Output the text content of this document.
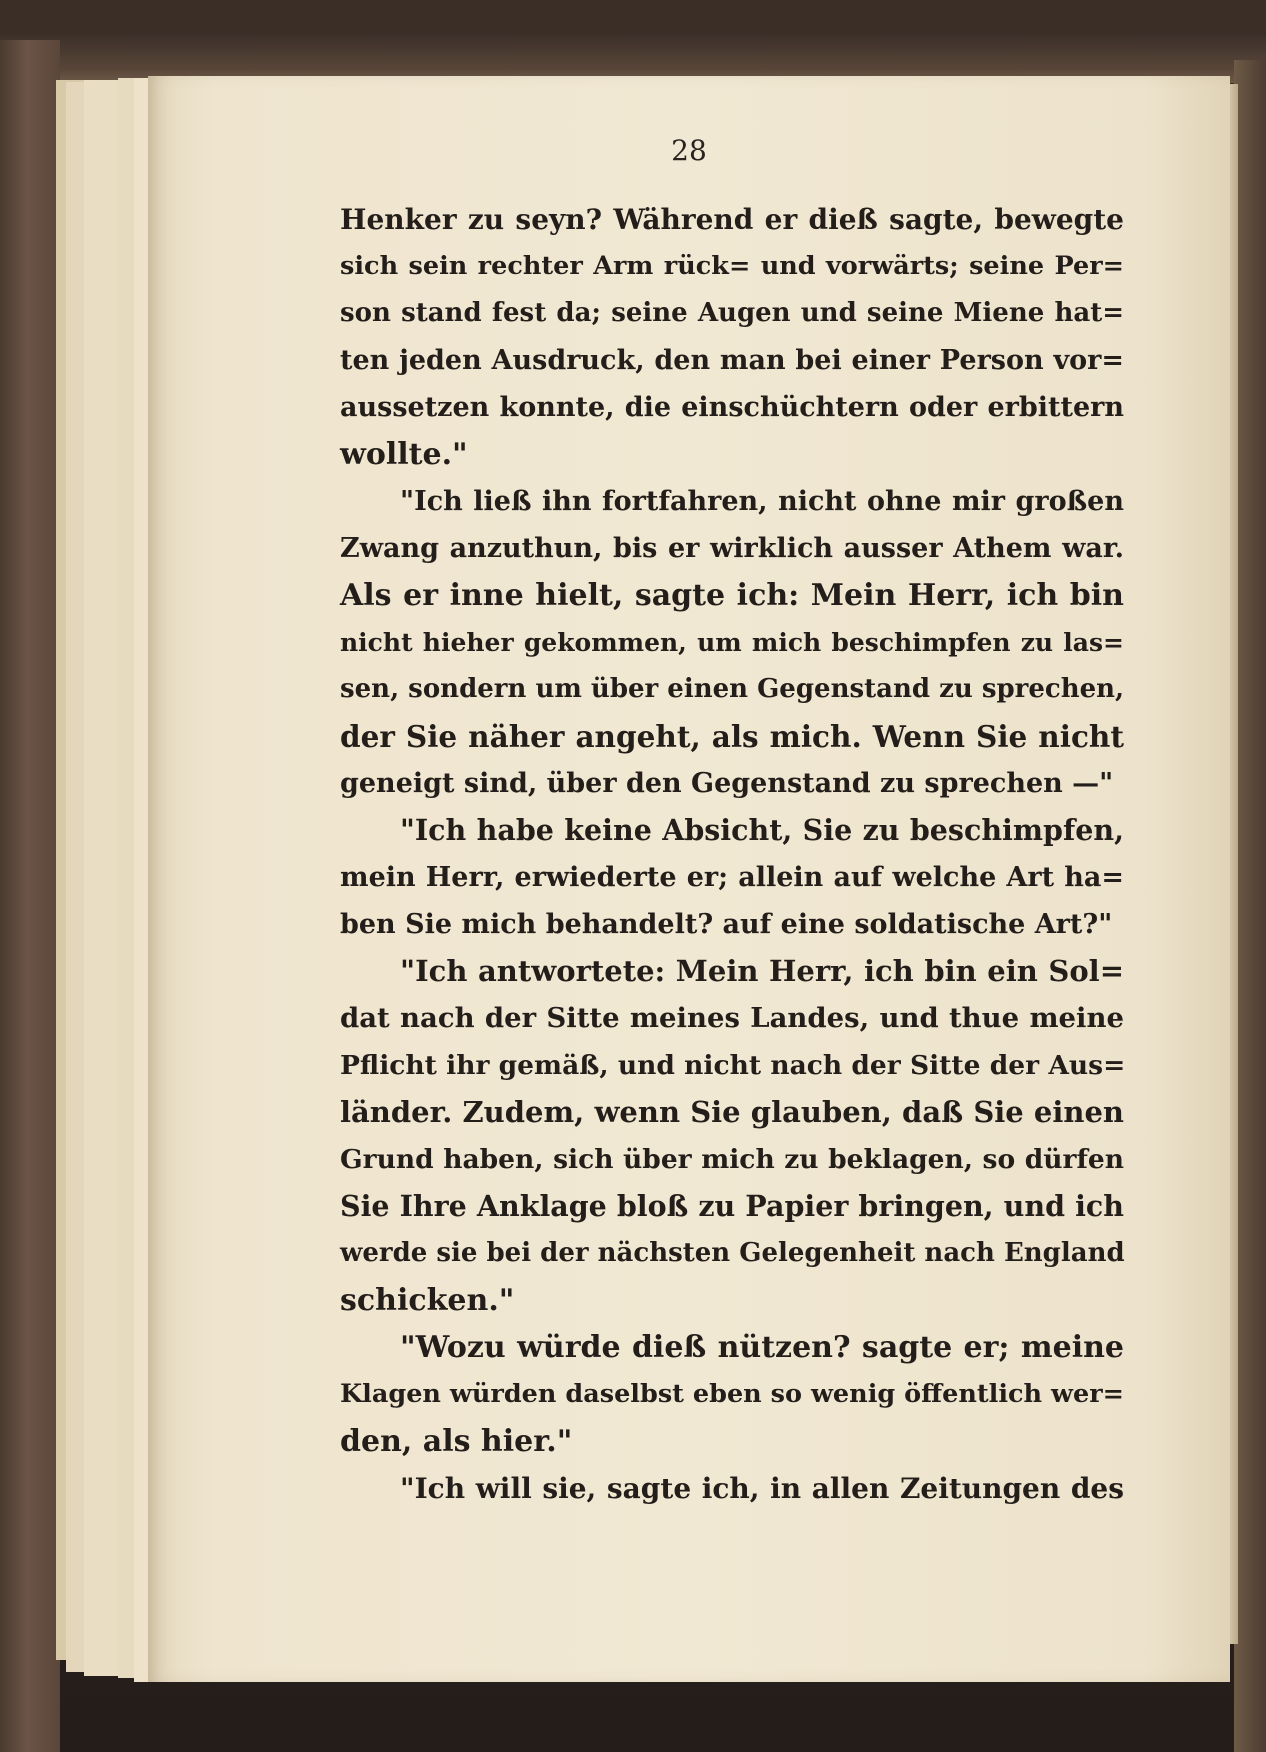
28
Henker zu seyn? Während er dieß sagte, bewegte
sich sein rechter Arm rück= und vorwärts; seine Per=
son stand fest da; seine Augen und seine Miene hat=
ten jeden Ausdruck, den man bei einer Person vor=
aussetzen konnte, die einschüchtern oder erbittern
wollte."
"Ich ließ ihn fortfahren, nicht ohne mir großen
Zwang anzuthun, bis er wirklich ausser Athem war.
Als er inne hielt, sagte ich: Mein Herr, ich bin
nicht hieher gekommen, um mich beschimpfen zu las=
sen, sondern um über einen Gegenstand zu sprechen,
der Sie näher angeht, als mich. Wenn Sie nicht
geneigt sind, über den Gegenstand zu sprechen —"
"Ich habe keine Absicht, Sie zu beschimpfen,
mein Herr, erwiederte er; allein auf welche Art ha=
ben Sie mich behandelt? auf eine soldatische Art?"
"Ich antwortete: Mein Herr, ich bin ein Sol=
dat nach der Sitte meines Landes, und thue meine
Pflicht ihr gemäß, und nicht nach der Sitte der Aus=
länder. Zudem, wenn Sie glauben, daß Sie einen
Grund haben, sich über mich zu beklagen, so dürfen
Sie Ihre Anklage bloß zu Papier bringen, und ich
werde sie bei der nächsten Gelegenheit nach England
schicken."
"Wozu würde dieß nützen? sagte er; meine
Klagen würden daselbst eben so wenig öffentlich wer=
den, als hier."
"Ich will sie, sagte ich, in allen Zeitungen des
